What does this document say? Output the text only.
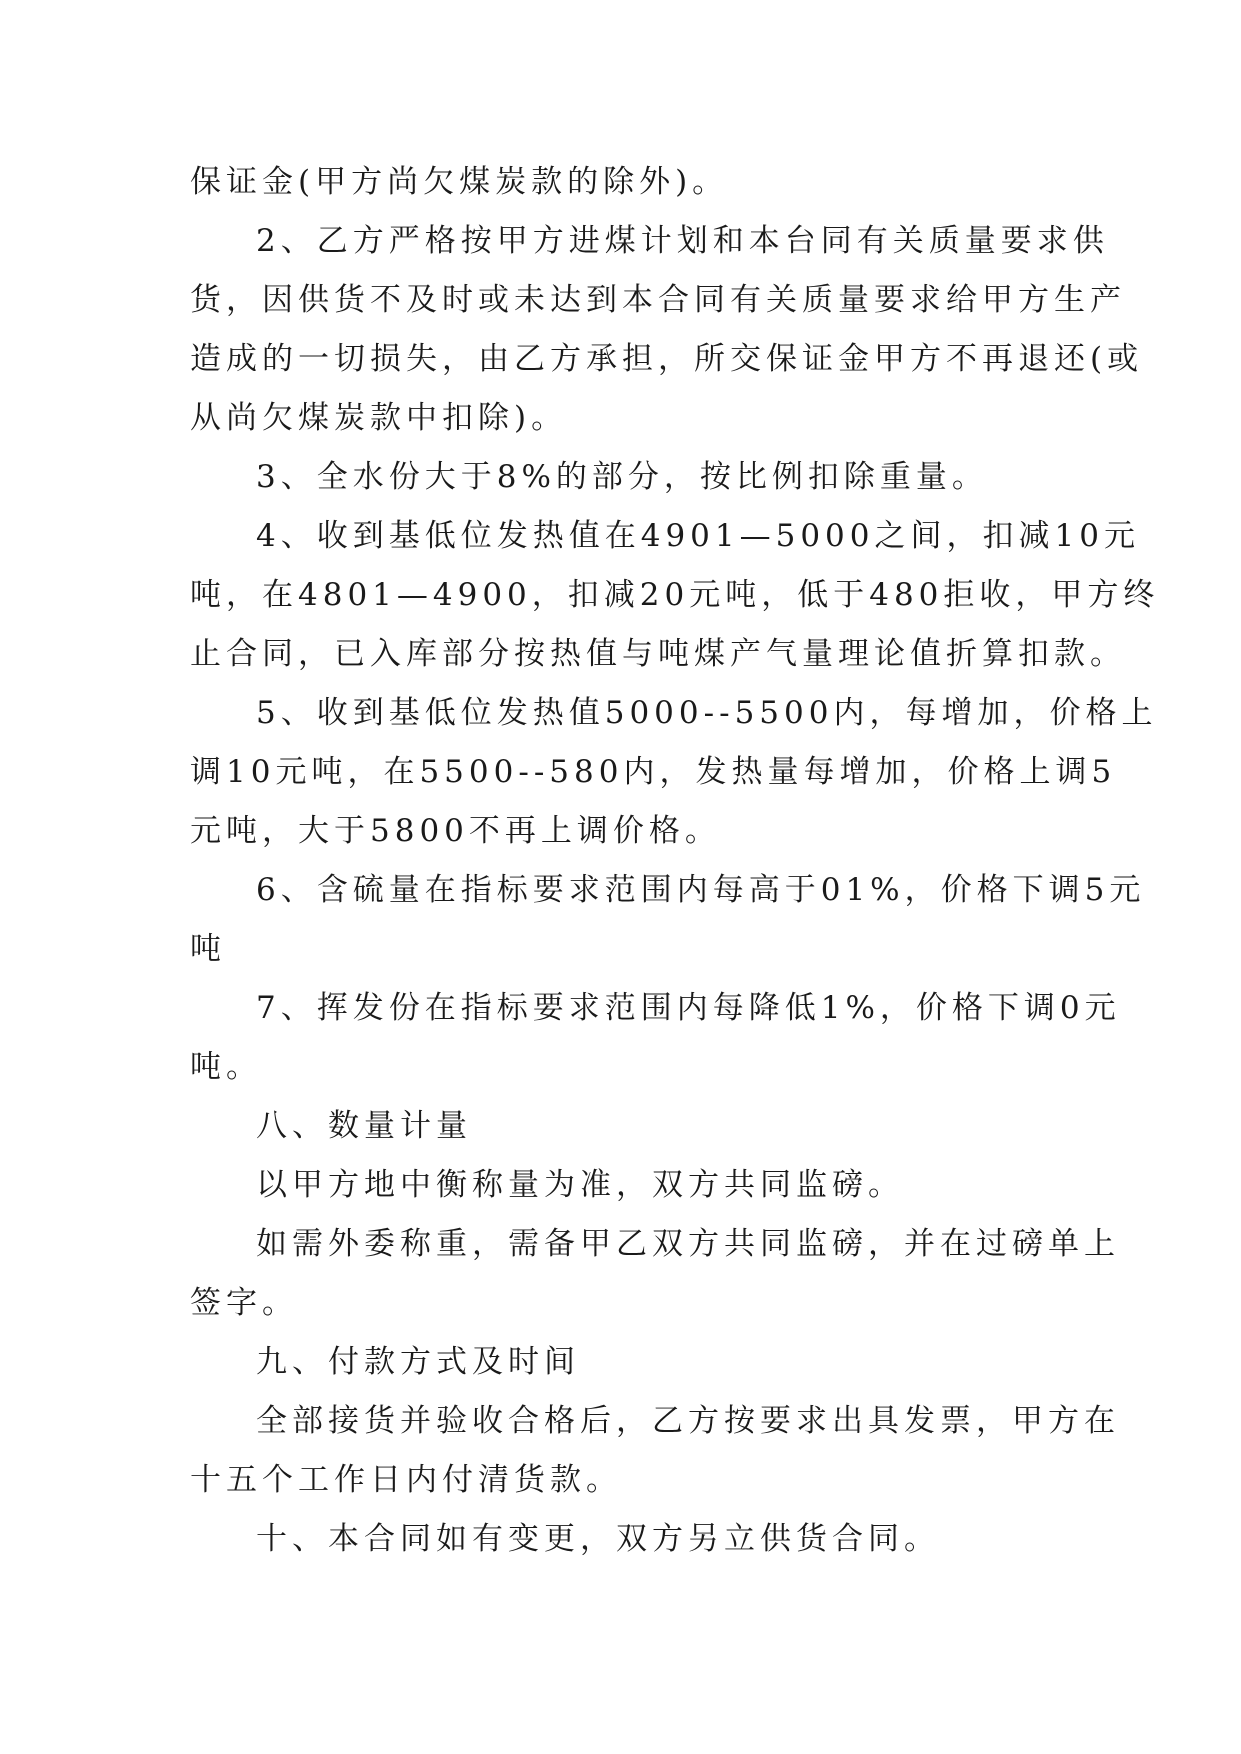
保证金(甲方尚欠煤炭款的除外)。

2、乙方严格按甲方进煤计划和本台同有关质量要求供

货，因供货不及时或未达到本合同有关质量要求给甲方生产

造成的一切损失，由乙方承担，所交保证金甲方不再退还(或

从尚欠煤炭款中扣除)。

3、全水份大于8%的部分，按比例扣除重量。

4、收到基低位发热值在4901—5000之间，扣减10元

吨，在4801—4900，扣减20元吨，低于480拒收，甲方终

止合同，已入库部分按热值与吨煤产气量理论值折算扣款。

5、收到基低位发热值5000--5500内，每增加，价格上

调10元吨，在5500--580内，发热量每增加，价格上调5

元吨，大于5800不再上调价格。

6、含硫量在指标要求范围内每高于01%，价格下调5元

吨

7、挥发份在指标要求范围内每降低1%，价格下调0元

吨。

八、数量计量

以甲方地中衡称量为准，双方共同监磅。

如需外委称重，需备甲乙双方共同监磅，并在过磅单上

签字。

九、付款方式及时间

全部接货并验收合格后，乙方按要求出具发票，甲方在

十五个工作日内付清货款。

十、本合同如有变更，双方另立供货合同。
